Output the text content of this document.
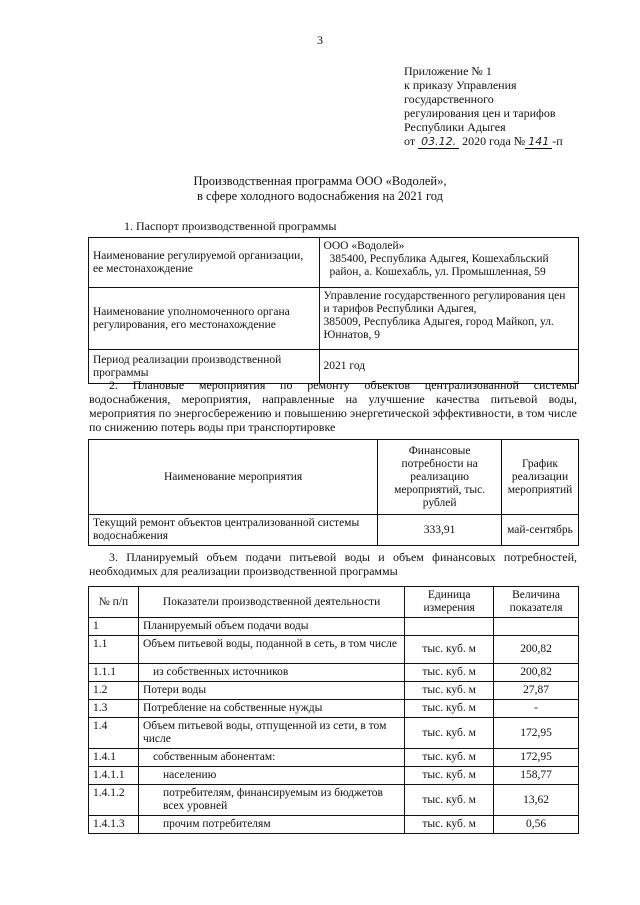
3
Приложение № 1
к приказу Управления
государственного
регулирования цен и тарифов
Республики Адыгея
от 03.12. 2020 года № 141 -п
Производственная программа ООО «Водолей»,
в сфере холодного водоснабжения на 2021 год
1. Паспорт производственной программы
Наименование регулируемой организации, ее местонахождение	ООО «Водолей»
385400, Республика Адыгея, Кошехабльский район, а. Кошехабль, ул. Промышленная, 59

Наименование уполномоченного органа регулирования, его местонахождение	Управление государственного регулирования цен и тарифов Республики Адыгея,
385009, Республика Адыгея, город Майкоп, ул. Юннатов, 9

Период реализации производственной программы	2021 год
2. Плановые мероприятия по ремонту объектов централизованной системы водоснабжения, мероприятия, направленные на улучшение качества питьевой воды, мероприятия по энергосбережению и повышению энергетической эффективности, в том числе по снижению потерь воды при транспортировке
Наименование мероприятия	Финансовые потребности на реализацию мероприятий, тыс. рублей	График реализации мероприятий
Текущий ремонт объектов централизованной системы водоснабжения	333,91	май-сентябрь
3. Планируемый объем подачи питьевой воды и объем финансовых потребностей, необходимых для реализации производственной программы
№ п/п	Показатели производственной деятельности	Единица измерения	Величина показателя
1	Планируемый объем подачи воды		
1.1	Объем питьевой воды, поданной в сеть, в том числе	тыс. куб. м	200,82
1.1.1	из собственных источников	тыс. куб. м	200,82
1.2	Потери воды	тыс. куб. м	27,87
1.3	Потребление на собственные нужды	тыс. куб. м	-
1.4	Объем питьевой воды, отпущенной из сети, в том числе	тыс. куб. м	172,95
1.4.1	собственным абонентам:	тыс. куб. м	172,95
1.4.1.1	населению	тыс. куб. м	158,77
1.4.1.2	потребителям, финансируемым из бюджетов всех уровней	тыс. куб. м	13,62
1.4.1.3	прочим потребителям	тыс. куб. м	0,56
